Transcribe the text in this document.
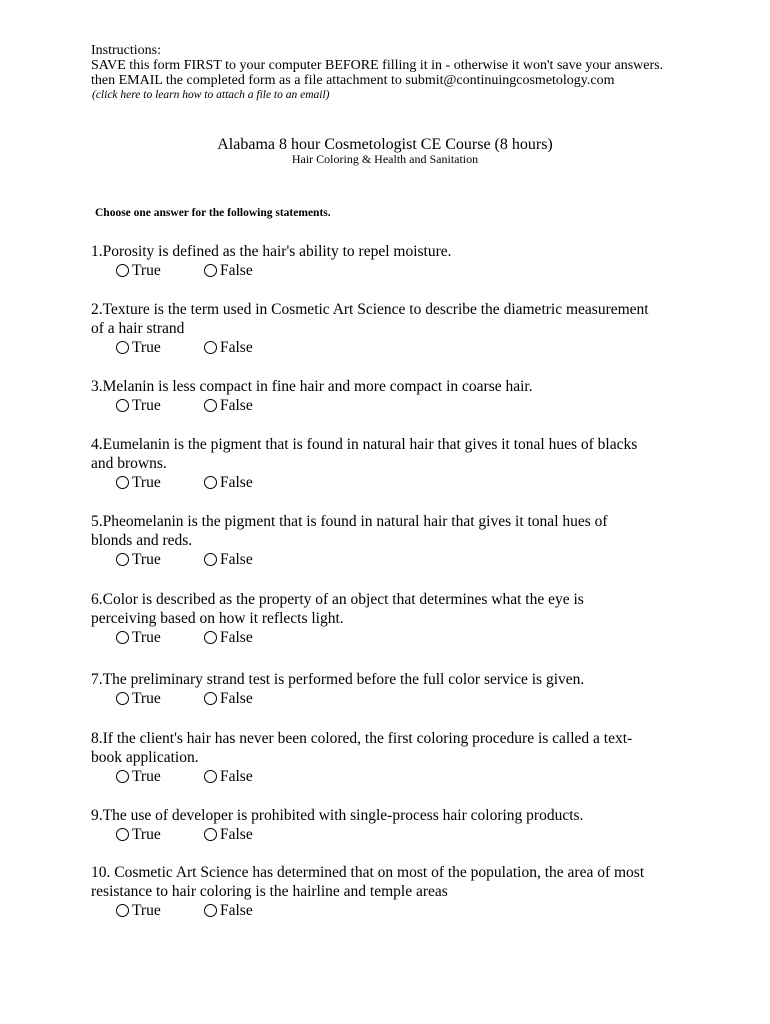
Instructions:
SAVE this form FIRST to your computer BEFORE filling it in - otherwise it won't save your answers.
then EMAIL the completed form as a file attachment to submit@continuingcosmetology.com
(click here to learn how to attach a file to an email)
Alabama 8 hour Cosmetologist CE Course (8 hours)
Hair Coloring & Health and Sanitation
Choose one answer for the following statements.
1.Porosity is defined as the hair's ability to repel moisture.
True	False
2.Texture is the term used in Cosmetic Art Science to describe the diametric measurement
of a hair strand
True	False
3.Melanin is less compact in fine hair and more compact in coarse hair.
True	False
4.Eumelanin is the pigment that is found in natural hair that gives it tonal hues of blacks
and browns.
True	False
5.Pheomelanin is the pigment that is found in natural hair that gives it tonal hues of
blonds and reds.
True	False
6.Color is described as the property of an object that determines what the eye is
perceiving based on how it reflects light.
True	False
7.The preliminary strand test is performed before the full color service is given.
True	False
8.If the client's hair has never been colored, the first coloring procedure is called a text-
book application.
True	False
9.The use of developer is prohibited with single-process hair coloring products.
True	False
10. Cosmetic Art Science has determined that on most of the population, the area of most
resistance to hair coloring is the hairline and temple areas
True	False
